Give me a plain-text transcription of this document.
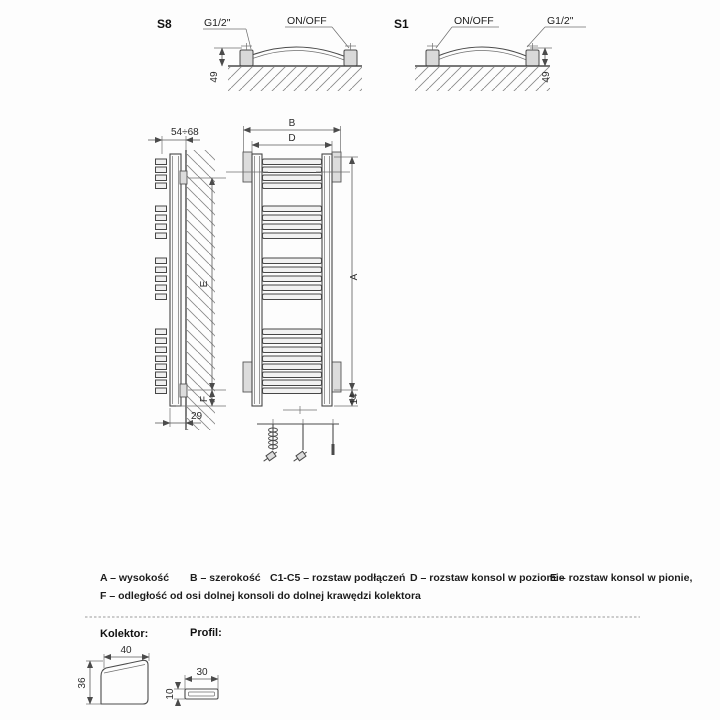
S8	G1/2"	ON/OFF
49
S1	ON/OFF	G1/2"
49
54÷68
E
F
29
B
D
A
14
A – wysokość B – szerokość C1-C5 – rozstaw podłączeń D – rozstaw konsol w poziomie
E – rozstaw konsol w pionie,
F – odległość od osi dolnej konsoli do dolnej krawędzi kolektora
Kolektor:
40
36
Profil:
30
10
